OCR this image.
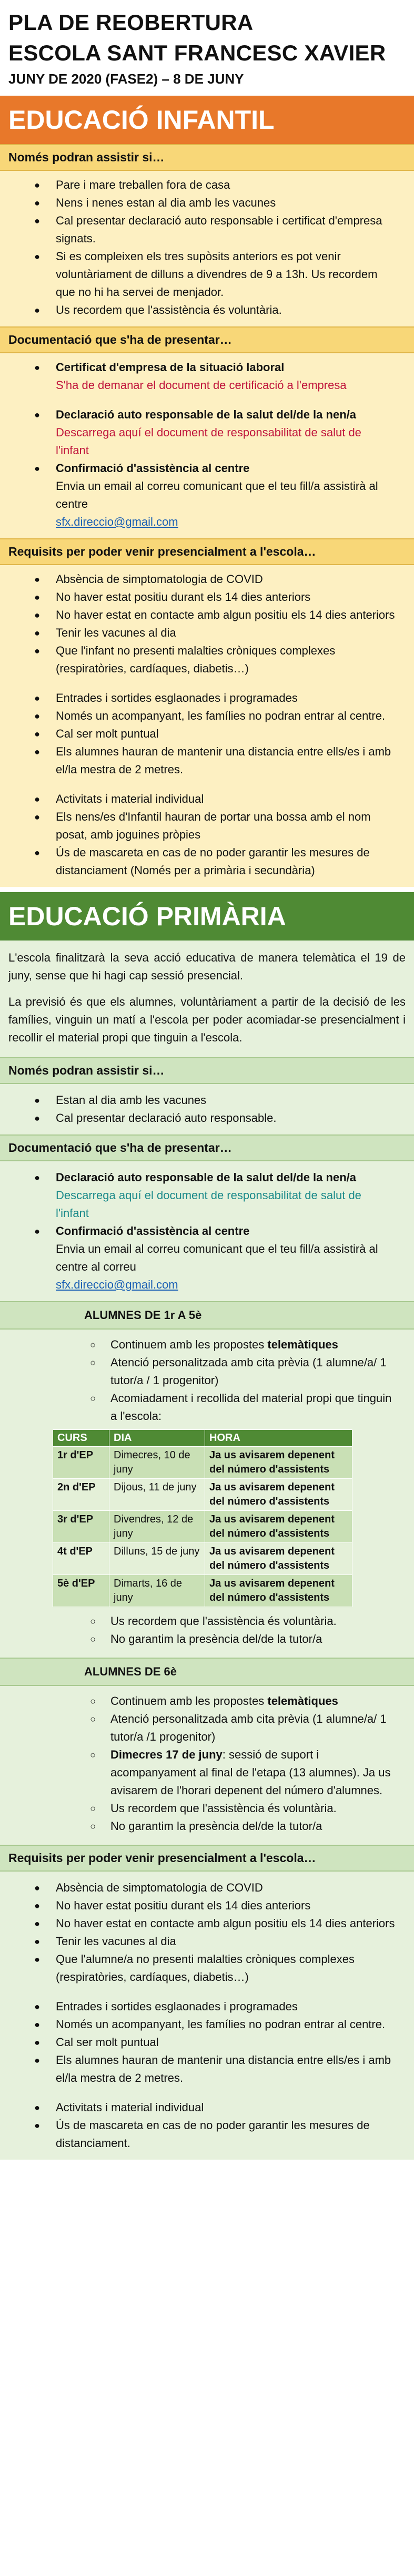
PLA DE REOBERTURA
ESCOLA SANT FRANCESC XAVIER
JUNY DE 2020 (FASE2) – 8 DE JUNY
EDUCACIÓ INFANTIL
Només podran assistir si…
●	Pare i mare treballen fora de casa
●	Nens i nenes estan al dia amb les vacunes
●	Cal presentar declaració auto responsable i certificat d'empresa signats.
●	Si es compleixen els tres supòsits anteriors es pot venir voluntàriament de dilluns a divendres de 9 a 13h. Us recordem que no hi ha servei de menjador.
●	Us recordem que l'assistència és voluntària.
Documentació que s'ha de presentar…
●	Certificat d'empresa de la situació laboral
S'ha de demanar el document de certificació a l'empresa
●	Declaració auto responsable de la salut del/de la nen/a
Descarrega aquí el document de responsabilitat de salut de l'infant
●	Confirmació d'assistència al centre
Envia un email al correu comunicant que el teu fill/a assistirà al centre
sfx.direccio@gmail.com
Requisits per poder venir presencialment a l'escola…
●	Absència de simptomatologia de COVID
●	No haver estat positiu durant els 14 dies anteriors
●	No haver estat en contacte amb algun positiu els 14 dies anteriors
●	Tenir les vacunes al dia
●	Que l'infant no presenti malalties cròniques complexes (respiratòries, cardíaques, diabetis…)
●	Entrades i sortides esglaonades i programades
●	Només un acompanyant, les famílies no podran entrar al centre.
●	Cal ser molt puntual
●	Els alumnes hauran de mantenir una distancia entre ells/es i amb el/la mestra de 2 metres.
●	Activitats i material individual
●	Els nens/es d'Infantil hauran de portar una bossa amb el nom posat, amb joguines pròpies
●	Ús de mascareta en cas de no poder garantir les mesures de distanciament (Només per a primària i secundària)
EDUCACIÓ PRIMÀRIA
L'escola finalitzarà la seva acció educativa de manera telemàtica el 19 de juny, sense que hi hagi cap sessió presencial.
La previsió és que els alumnes, voluntàriament a partir de la decisió de les famílies, vinguin un matí a l'escola per poder acomiadar-se presencialment i recollir el material propi que tinguin a l'escola.
Només podran assistir si…
●	Estan al dia amb les vacunes
●	Cal presentar declaració auto responsable.
Documentació que s'ha de presentar…
●	Declaració auto responsable de la salut del/de la nen/a
Descarrega aquí el document de responsabilitat de salut de l'infant
●	Confirmació d'assistència al centre
Envia un email al correu comunicant que el teu fill/a assistirà al centre al correu
sfx.direccio@gmail.com
ALUMNES DE 1r A 5è
○	Continuem amb les propostes telemàtiques
○	Atenció personalitzada amb cita prèvia (1 alumne/a/ 1 tutor/a / 1 progenitor)
○	Acomiadament i recollida del material propi que tinguin a l'escola:
CURS	DIA	HORA
1r d'EP	Dimecres, 10 de juny	Ja us avisarem depenent del número d'assistents
2n d'EP	Dijous, 11 de juny	Ja us avisarem depenent del número d'assistents
3r d'EP	Divendres, 12 de juny	Ja us avisarem depenent del número d'assistents
4t d'EP	Dilluns, 15 de juny	Ja us avisarem depenent del número d'assistents
5è d'EP	Dimarts, 16 de juny	Ja us avisarem depenent del número d'assistents
○	Us recordem que l'assistència és voluntària.
○	No garantim la presència del/de la tutor/a
ALUMNES DE 6è
○	Continuem amb les propostes telemàtiques
○	Atenció personalitzada amb cita prèvia (1 alumne/a/ 1 tutor/a /1 progenitor)
○	Dimecres 17 de juny: sessió de suport i acompanyament al final de l'etapa (13 alumnes). Ja us avisarem de l'horari depenent del número d'alumnes.
○	Us recordem que l'assistència és voluntària.
○	No garantim la presència del/de la tutor/a
Requisits per poder venir presencialment a l'escola…
●	Absència de simptomatologia de COVID
●	No haver estat positiu durant els 14 dies anteriors
●	No haver estat en contacte amb algun positiu els 14 dies anteriors
●	Tenir les vacunes al dia
●	Que l'alumne/a no presenti malalties cròniques complexes (respiratòries, cardíaques, diabetis…)
●	Entrades i sortides esglaonades i programades
●	Només un acompanyant, les famílies no podran entrar al centre.
●	Cal ser molt puntual
●	Els alumnes hauran de mantenir una distancia entre ells/es i amb el/la mestra de 2 metres.
●	Activitats i material individual
●	Ús de mascareta en cas de no poder garantir les mesures de distanciament.
